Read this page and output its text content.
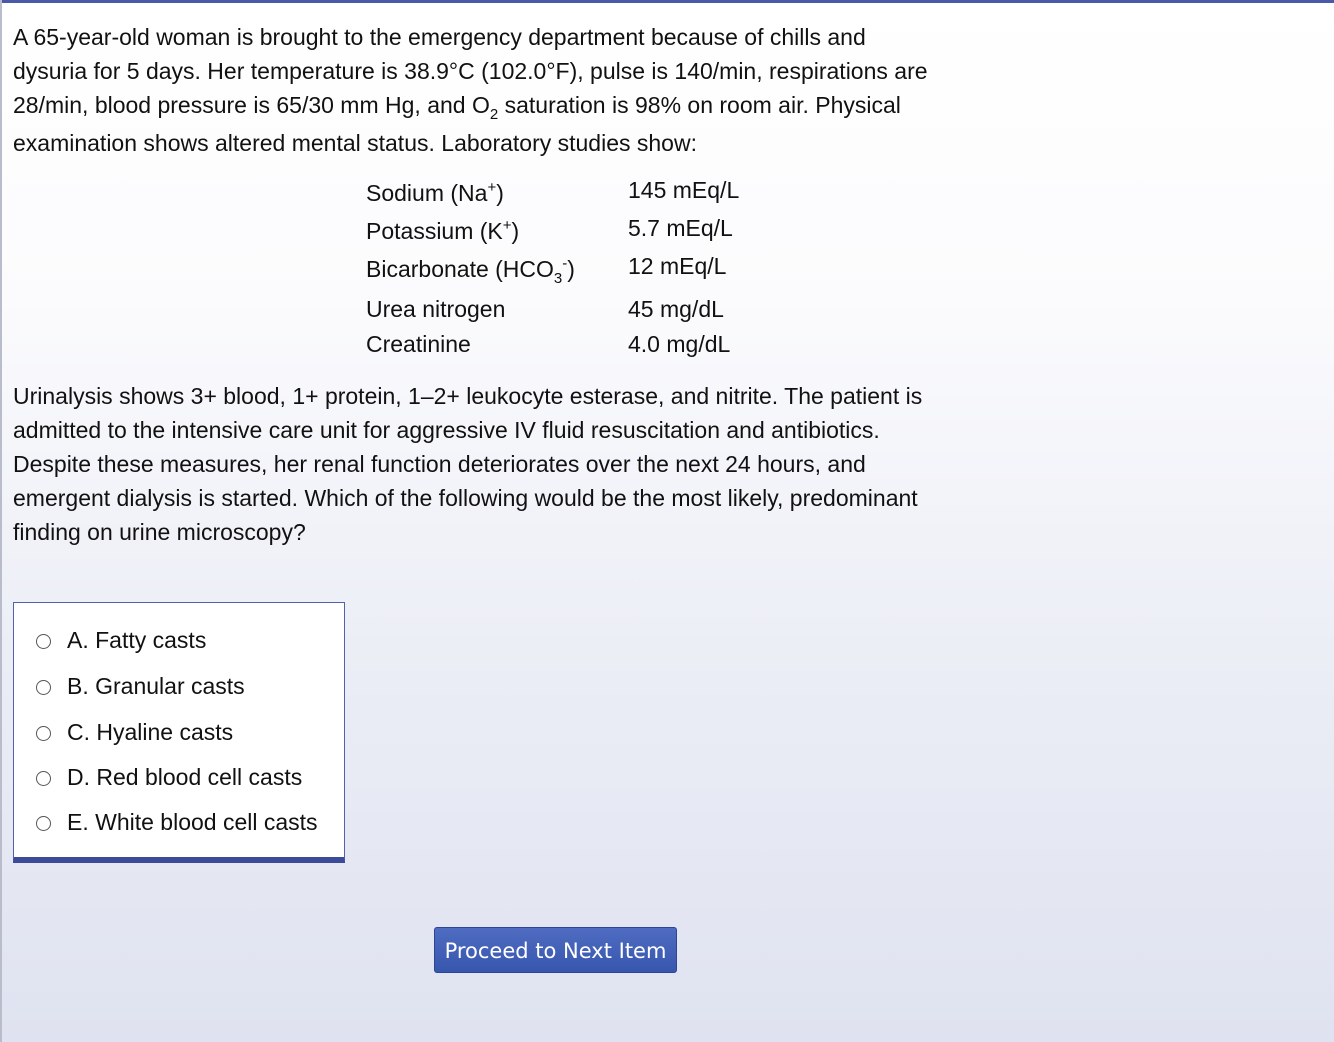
A 65-year-old woman is brought to the emergency department because of chills and
dysuria for 5 days. Her temperature is 38.9°C (102.0°F), pulse is 140/min, respirations are
28/min, blood pressure is 65/30 mm Hg, and $O_2$ saturation is 98% on room air. Physical
examination shows altered mental status. Laboratory studies show:

Sodium (Na+)	145 mEq/L
Potassium (K+)	5.7 mEq/L
Bicarbonate $(HCO_3^-)$ 12 mEq/L
Urea nitrogen	45 mg/dL
Creatinine	4.0 mg/dL
Urinalysis shows 3+ blood, 1+ protein, 1–2+ leukocyte esterase, and nitrite. The patient is
admitted to the intensive care unit for aggressive IV fluid resuscitation and antibiotics.
Despite these measures, her renal function deteriorates over the next 24 hours, and
emergent dialysis is started. Which of the following would be the most likely, predominant
finding on urine microscopy?
A. Fatty casts
B. Granular casts
C. Hyaline casts
D. Red blood cell casts
E. White blood cell casts
Proceed to Next Item
